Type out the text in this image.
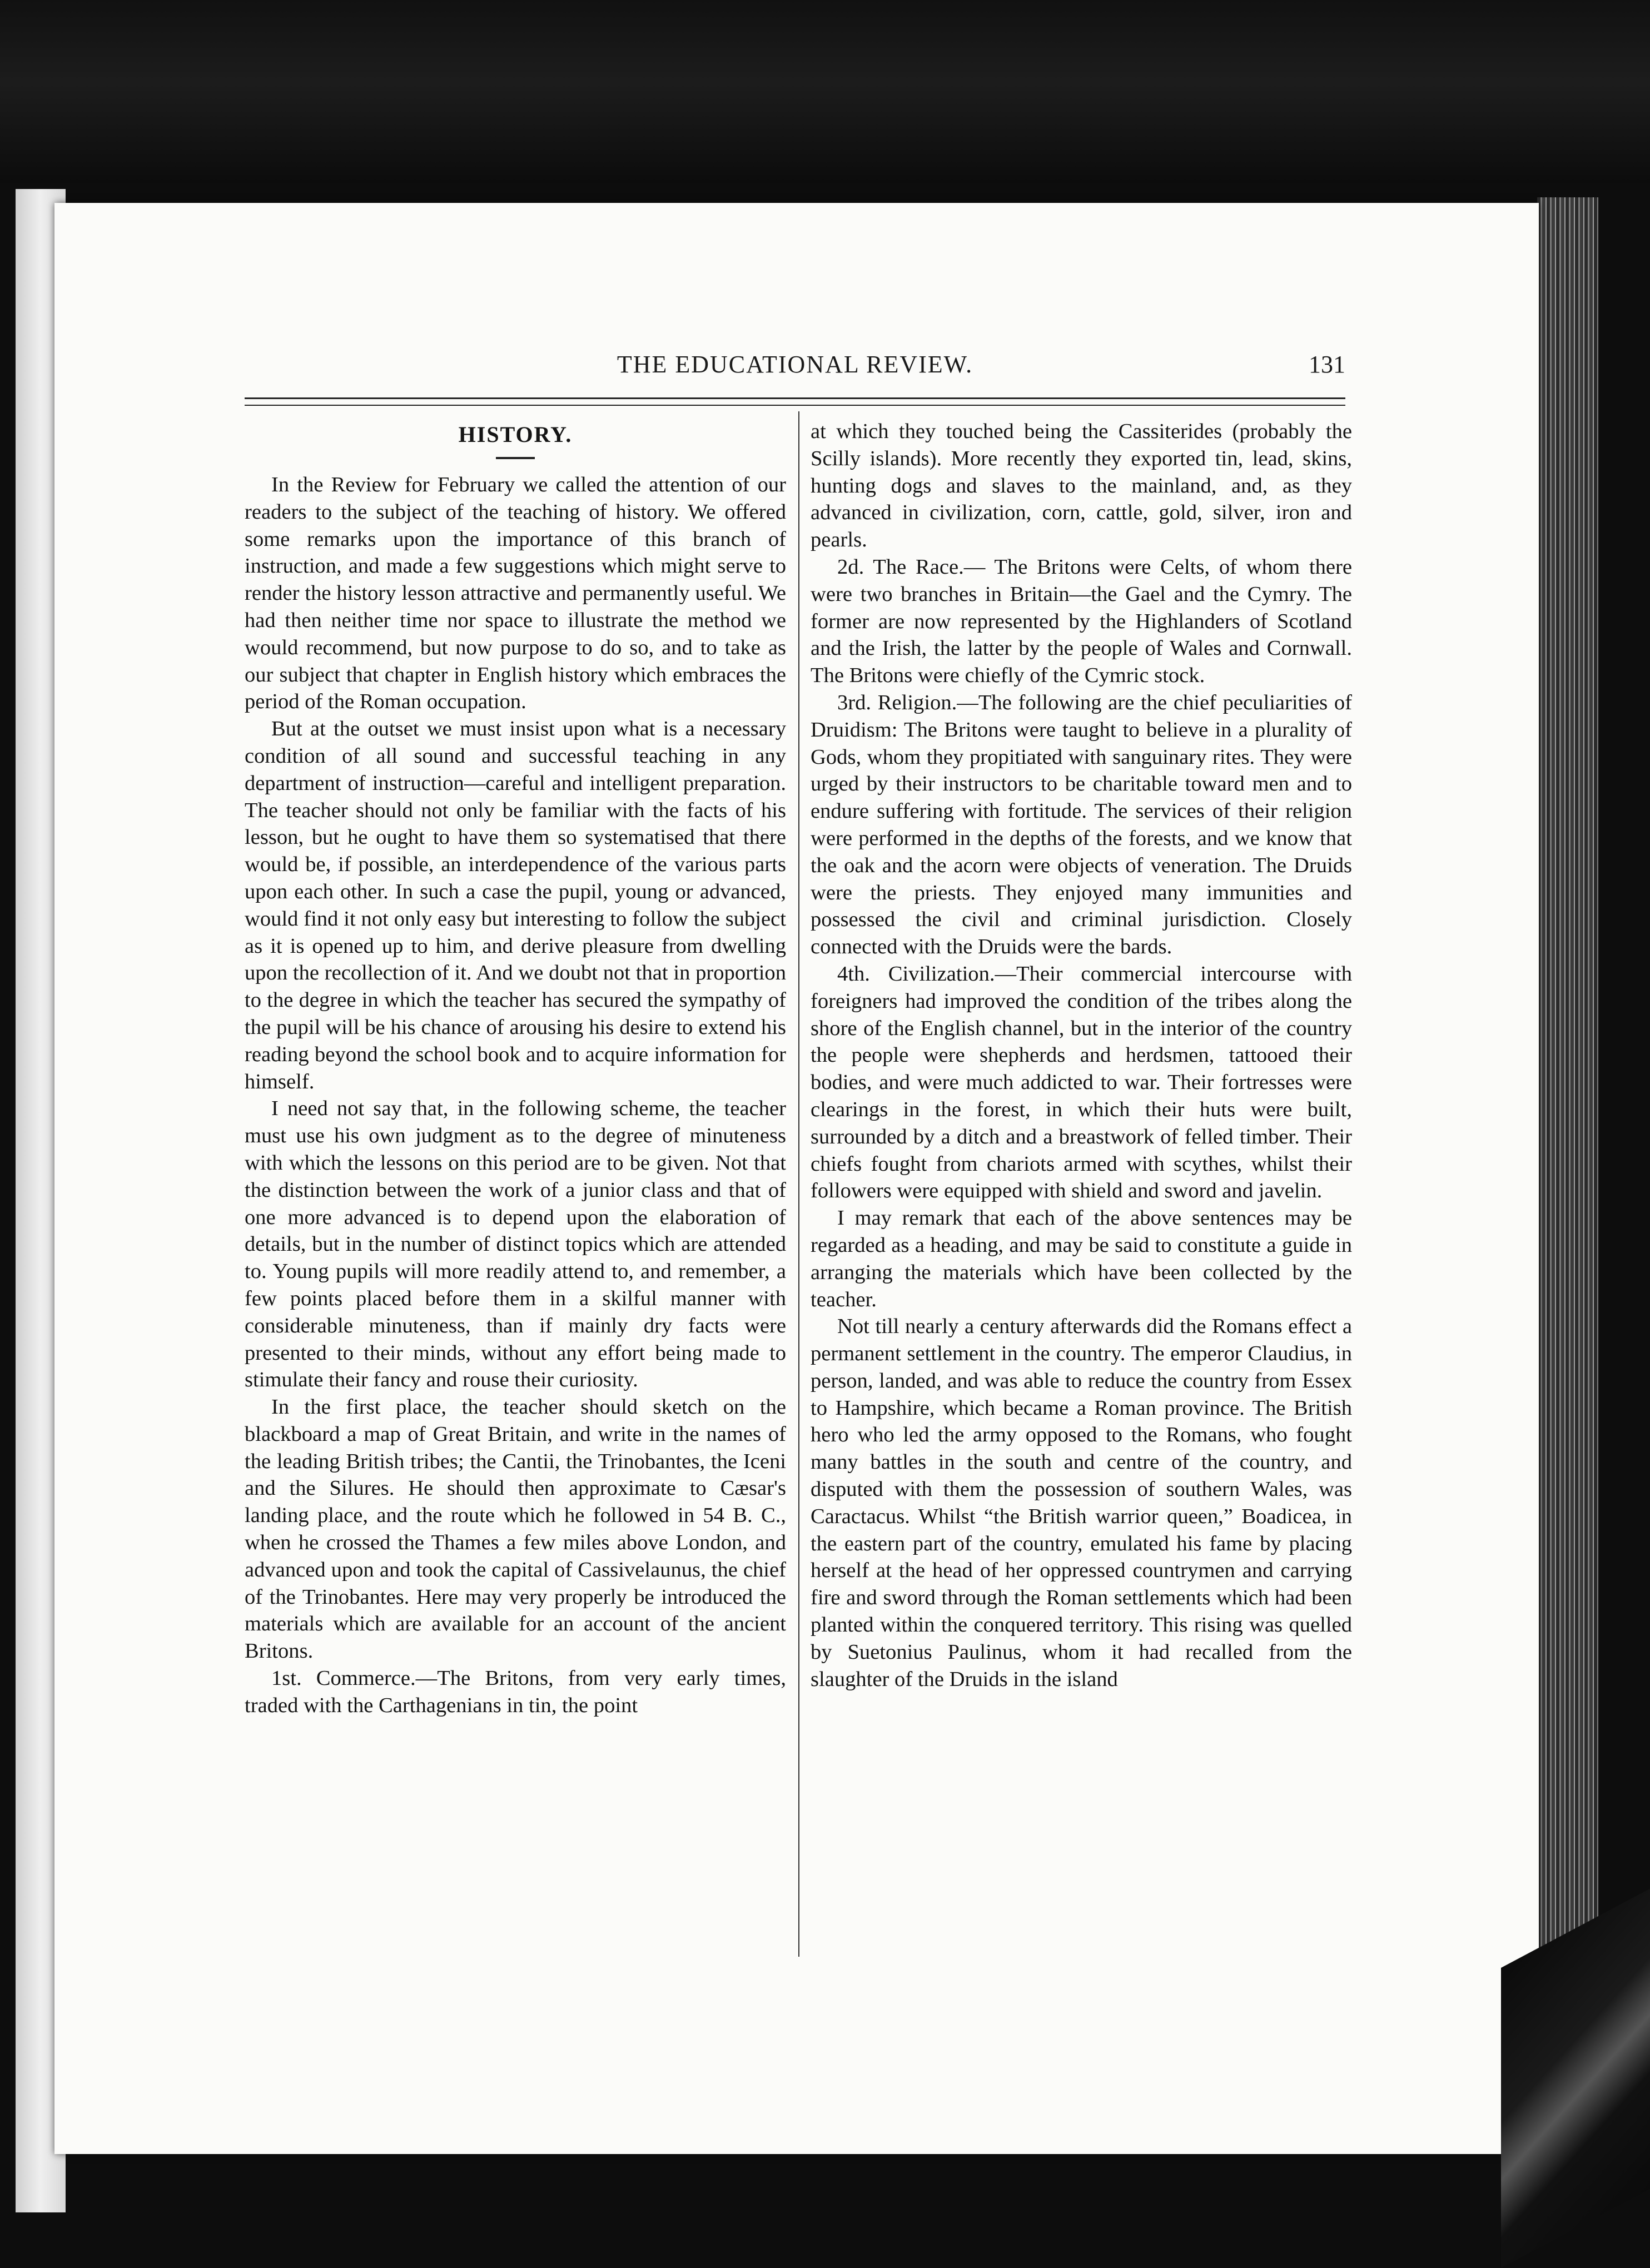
THE EDUCATIONAL REVIEW.	131
HISTORY.

In the Review for February we called the attention of our readers to the subject of the teaching of history. We offered some remarks upon the importance of this branch of instruction, and made a few suggestions which might serve to render the history lesson attractive and permanently useful. We had then neither time nor space to illustrate the method we would recommend, but now purpose to do so, and to take as our subject that chapter in English history which embraces the period of the Roman occupation.

But at the outset we must insist upon what is a necessary condition of all sound and successful teaching in any department of instruction—careful and intelligent preparation. The teacher should not only be familiar with the facts of his lesson, but he ought to have them so systematised that there would be, if possible, an interdependence of the various parts upon each other. In such a case the pupil, young or advanced, would find it not only easy but interesting to follow the subject as it is opened up to him, and derive pleasure from dwelling upon the recollection of it. And we doubt not that in proportion to the degree in which the teacher has secured the sympathy of the pupil will be his chance of arousing his desire to extend his reading beyond the school book and to acquire information for himself.

I need not say that, in the following scheme, the teacher must use his own judgment as to the degree of minuteness with which the lessons on this period are to be given. Not that the distinction between the work of a junior class and that of one more advanced is to depend upon the elaboration of details, but in the number of distinct topics which are attended to. Young pupils will more readily attend to, and remember, a few points placed before them in a skilful manner with considerable minuteness, than if mainly dry facts were presented to their minds, without any effort being made to stimulate their fancy and rouse their curiosity.

In the first place, the teacher should sketch on the blackboard a map of Great Britain, and write in the names of the leading British tribes; the Cantii, the Trinobantes, the Iceni and the Silures. He should then approximate to Cæsar's landing place, and the route which he followed in 54 B. C., when he crossed the Thames a few miles above London, and advanced upon and took the capital of Cassivelaunus, the chief of the Trinobantes. Here may very properly be introduced the materials which are available for an account of the ancient Britons.

1st. Commerce.—The Britons, from very early times, traded with the Carthagenians in tin, the point

at which they touched being the Cassiterides (probably the Scilly islands). More recently they exported tin, lead, skins, hunting dogs and slaves to the mainland, and, as they advanced in civilization, corn, cattle, gold, silver, iron and pearls.

2d. The Race.— The Britons were Celts, of whom there were two branches in Britain—the Gael and the Cymry. The former are now represented by the Highlanders of Scotland and the Irish, the latter by the people of Wales and Cornwall. The Britons were chiefly of the Cymric stock.

3rd. Religion.—The following are the chief peculiarities of Druidism: The Britons were taught to believe in a plurality of Gods, whom they propitiated with sanguinary rites. They were urged by their instructors to be charitable toward men and to endure suffering with fortitude. The services of their religion were performed in the depths of the forests, and we know that the oak and the acorn were objects of veneration. The Druids were the priests. They enjoyed many immunities and possessed the civil and criminal jurisdiction. Closely connected with the Druids were the bards.

4th. Civilization.—Their commercial intercourse with foreigners had improved the condition of the tribes along the shore of the English channel, but in the interior of the country the people were shepherds and herdsmen, tattooed their bodies, and were much addicted to war. Their fortresses were clearings in the forest, in which their huts were built, surrounded by a ditch and a breastwork of felled timber. Their chiefs fought from chariots armed with scythes, whilst their followers were equipped with shield and sword and javelin.

I may remark that each of the above sentences may be regarded as a heading, and may be said to constitute a guide in arranging the materials which have been collected by the teacher.

Not till nearly a century afterwards did the Romans effect a permanent settlement in the country. The emperor Claudius, in person, landed, and was able to reduce the country from Essex to Hampshire, which became a Roman province. The British hero who led the army opposed to the Romans, who fought many battles in the south and centre of the country, and disputed with them the possession of southern Wales, was Caractacus. Whilst “the British warrior queen,” Boadicea, in the eastern part of the country, emulated his fame by placing herself at the head of her oppressed countrymen and carrying fire and sword through the Roman settlements which had been planted within the conquered territory. This rising was quelled by Suetonius Paulinus, whom it had recalled from the slaughter of the Druids in the island
